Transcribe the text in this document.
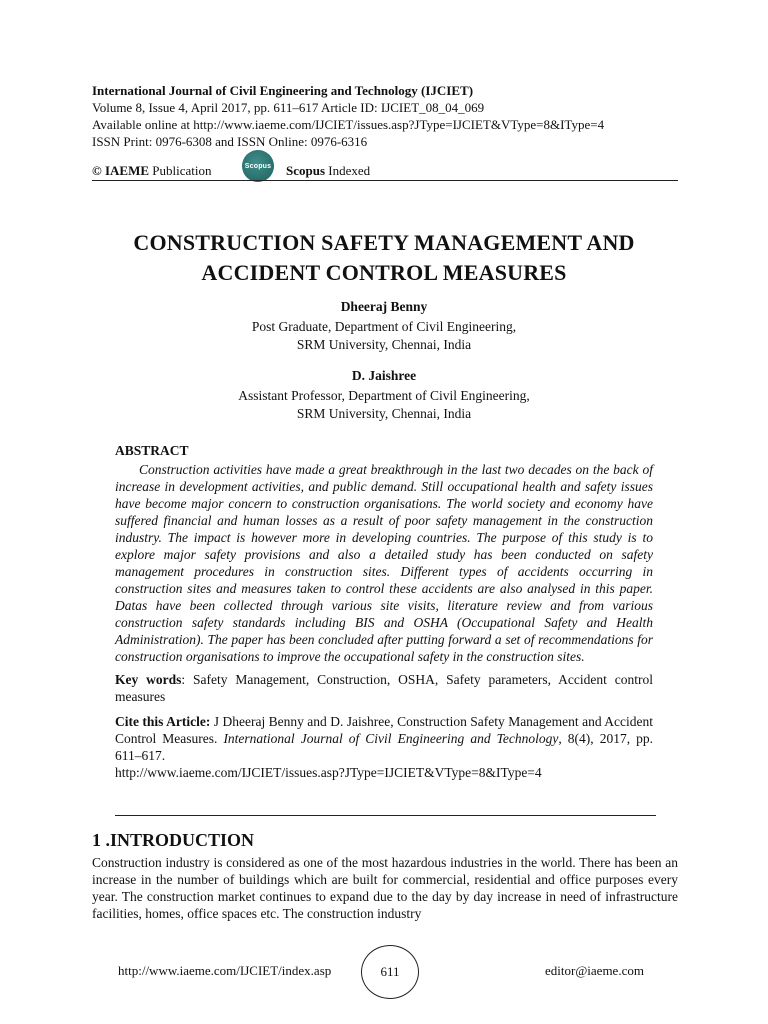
International Journal of Civil Engineering and Technology (IJCIET)
Volume 8, Issue 4, April 2017, pp. 611–617 Article ID: IJCIET_08_04_069
Available online at http://www.iaeme.com/IJCIET/issues.asp?JType=IJCIET&VType=8&IType=4
ISSN Print: 0976-6308 and ISSN Online: 0976-6316
© IAEME Publication	Scopus Scopus Indexed
CONSTRUCTION SAFETY MANAGEMENT AND
ACCIDENT CONTROL MEASURES
Dheeraj Benny
Post Graduate, Department of Civil Engineering,
SRM University, Chennai, India
D. Jaishree
Assistant Professor, Department of Civil Engineering,
SRM University, Chennai, India
ABSTRACT
Construction activities have made a great breakthrough in the last two decades on the back of increase in development activities, and public demand. Still occupational health and safety issues have become major concern to construction organisations. The world society and economy have suffered financial and human losses as a result of poor safety management in the construction industry. The impact is however more in developing countries. The purpose of this study is to explore major safety provisions and also a detailed study has been conducted on safety management procedures in construction sites. Different types of accidents occurring in construction sites and measures taken to control these accidents are also analysed in this paper. Datas have been collected through various site visits, literature review and from various construction safety standards including BIS and OSHA (Occupational Safety and Health Administration). The paper has been concluded after putting forward a set of recommendations for construction organisations to improve the occupational safety in the construction sites.
Key words: Safety Management, Construction, OSHA, Safety parameters, Accident control measures
Cite this Article: J Dheeraj Benny and D. Jaishree, Construction Safety Management and Accident Control Measures. International Journal of Civil Engineering and Technology, 8(4), 2017, pp. 611–617.
http://www.iaeme.com/IJCIET/issues.asp?JType=IJCIET&VType=8&IType=4
1 .INTRODUCTION

Construction industry is considered as one of the most hazardous industries in the world. There has been an increase in the number of buildings which are built for commercial, residential and office purposes every year. The construction market continues to expand due to the day by day increase in need of infrastructure facilities, homes, office spaces etc. The construction industry

http://www.iaeme.com/IJCIET/index.asp	611	editor@iaeme.com
